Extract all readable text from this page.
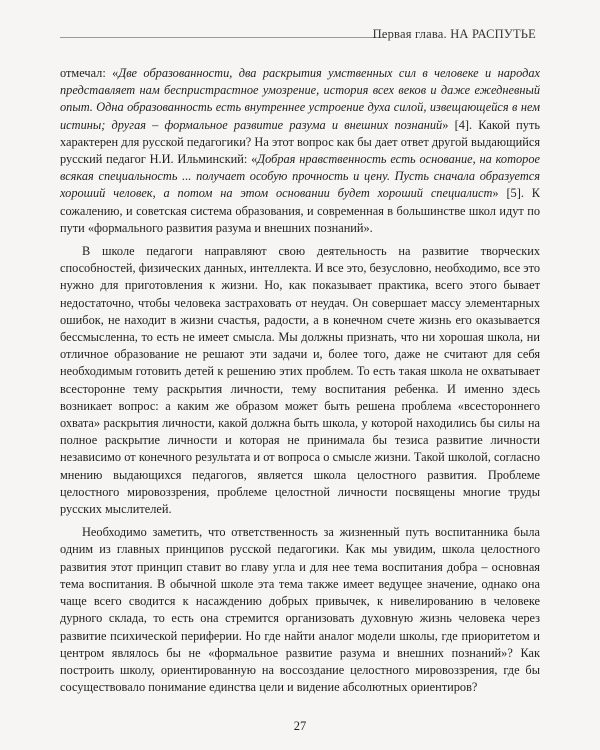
Первая глава. НА РАСПУТЬЕ

отмечал: «Две образованности, два раскрытия умственных сил в человеке и народах представляет нам беспристрастное умозрение, история всех веков и даже ежедневный опыт. Одна образованность есть внутреннее устроение духа силой, извещающейся в нем истины; другая – формальное развитие разума и внешних познаний» [4]. Какой путь характерен для русской педагогики? На этот вопрос как бы дает ответ другой выдающийся русский педагог Н.И. Ильминский: «Добрая нравственность есть основание, на которое всякая специальность ... получает особую прочность и цену. Пусть сначала образуется хороший человек, а потом на этом основании будет хороший специалист» [5]. К сожалению, и советская система образования, и современная в большинстве школ идут по пути «формального развития разума и внешних познаний».

В школе педагоги направляют свою деятельность на развитие творческих способностей, физических данных, интеллекта. И все это, безусловно, необходимо, все это нужно для приготовления к жизни. Но, как показывает практика, всего этого бывает недостаточно, чтобы человека застраховать от неудач. Он совершает массу элементарных ошибок, не находит в жизни счастья, радости, а в конечном счете жизнь его оказывается бессмысленна, то есть не имеет смысла. Мы должны признать, что ни хорошая школа, ни отличное образование не решают эти задачи и, более того, даже не считают для себя необходимым готовить детей к решению этих проблем. То есть такая школа не охватывает всесторонне тему раскрытия личности, тему воспитания ребенка. И именно здесь возникает вопрос: а каким же образом может быть решена проблема «всестороннего охвата» раскрытия личности, какой должна быть школа, у которой находились бы силы на полное раскрытие личности и которая не принимала бы тезиса развитие личности независимо от конечного результата и от вопроса о смысле жизни. Такой школой, согласно мнению выдающихся педагогов, является школа целостного развития. Проблеме целостного мировоззрения, проблеме целостной личности посвящены многие труды русских мыслителей.

Необходимо заметить, что ответственность за жизненный путь воспитанника была одним из главных принципов русской педагогики. Как мы увидим, школа целостного развития этот принцип ставит во главу угла и для нее тема воспитания добра – основная тема воспитания. В обычной школе эта тема также имеет ведущее значение, однако она чаще всего сводится к насаждению добрых привычек, к нивелированию в человеке дурного склада, то есть она стремится организовать духовную жизнь человека через развитие психической периферии. Но где найти аналог модели школы, где приоритетом и центром являлось бы не «формальное развитие разума и внешних познаний»? Как построить школу, ориентированную на воссоздание целостного мировоззрения, где бы сосуществовало понимание единства цели и видение абсолютных ориентиров?

27
